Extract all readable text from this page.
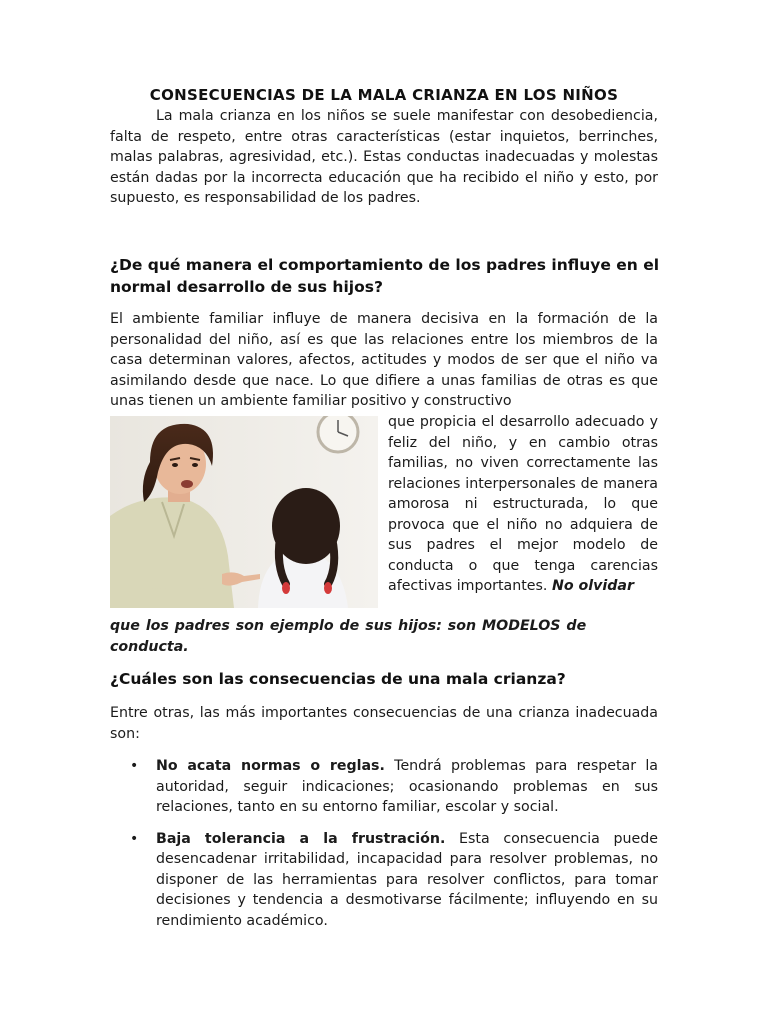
CONSECUENCIAS DE LA MALA CRIANZA EN LOS NIÑOS

La mala crianza en los niños se suele manifestar con desobediencia, falta de respeto, entre otras características (estar inquietos, berrinches, malas palabras, agresividad, etc.). Estas conductas inadecuadas y molestas están dadas por la incorrecta educación que ha recibido el niño y esto, por supuesto, es responsabilidad de los padres.

¿De qué manera el comportamiento de los padres influye en el normal desarrollo de sus hijos?

El ambiente familiar influye de manera decisiva en la formación de la personalidad del niño, así es que las relaciones entre los miembros de la casa determinan valores, afectos, actitudes y modos de ser que el niño va asimilando desde que nace. Lo que difiere a unas familias de otras es que unas tienen un ambiente familiar positivo y constructivo

que propicia el desarrollo adecuado y feliz del niño, y en cambio otras familias, no viven correctamente las relaciones interpersonales de manera amorosa ni estructurada, lo que provoca que el niño no adquiera de sus padres el mejor modelo de conducta o que tenga carencias afectivas importantes. No olvidar

que los padres son ejemplo de sus hijos: son MODELOS de conducta.

¿Cuáles son las consecuencias de una mala crianza?

Entre otras, las más importantes consecuencias de una crianza inadecuada son:

• No acata normas o reglas. Tendrá problemas para respetar la autoridad, seguir indicaciones; ocasionando problemas en sus relaciones, tanto en su entorno familiar, escolar y social.
• Baja tolerancia a la frustración. Esta consecuencia puede desencadenar irritabilidad, incapacidad para resolver problemas, no disponer de las herramientas para resolver conflictos, para tomar decisiones y tendencia a desmotivarse fácilmente; influyendo en su rendimiento académico.
